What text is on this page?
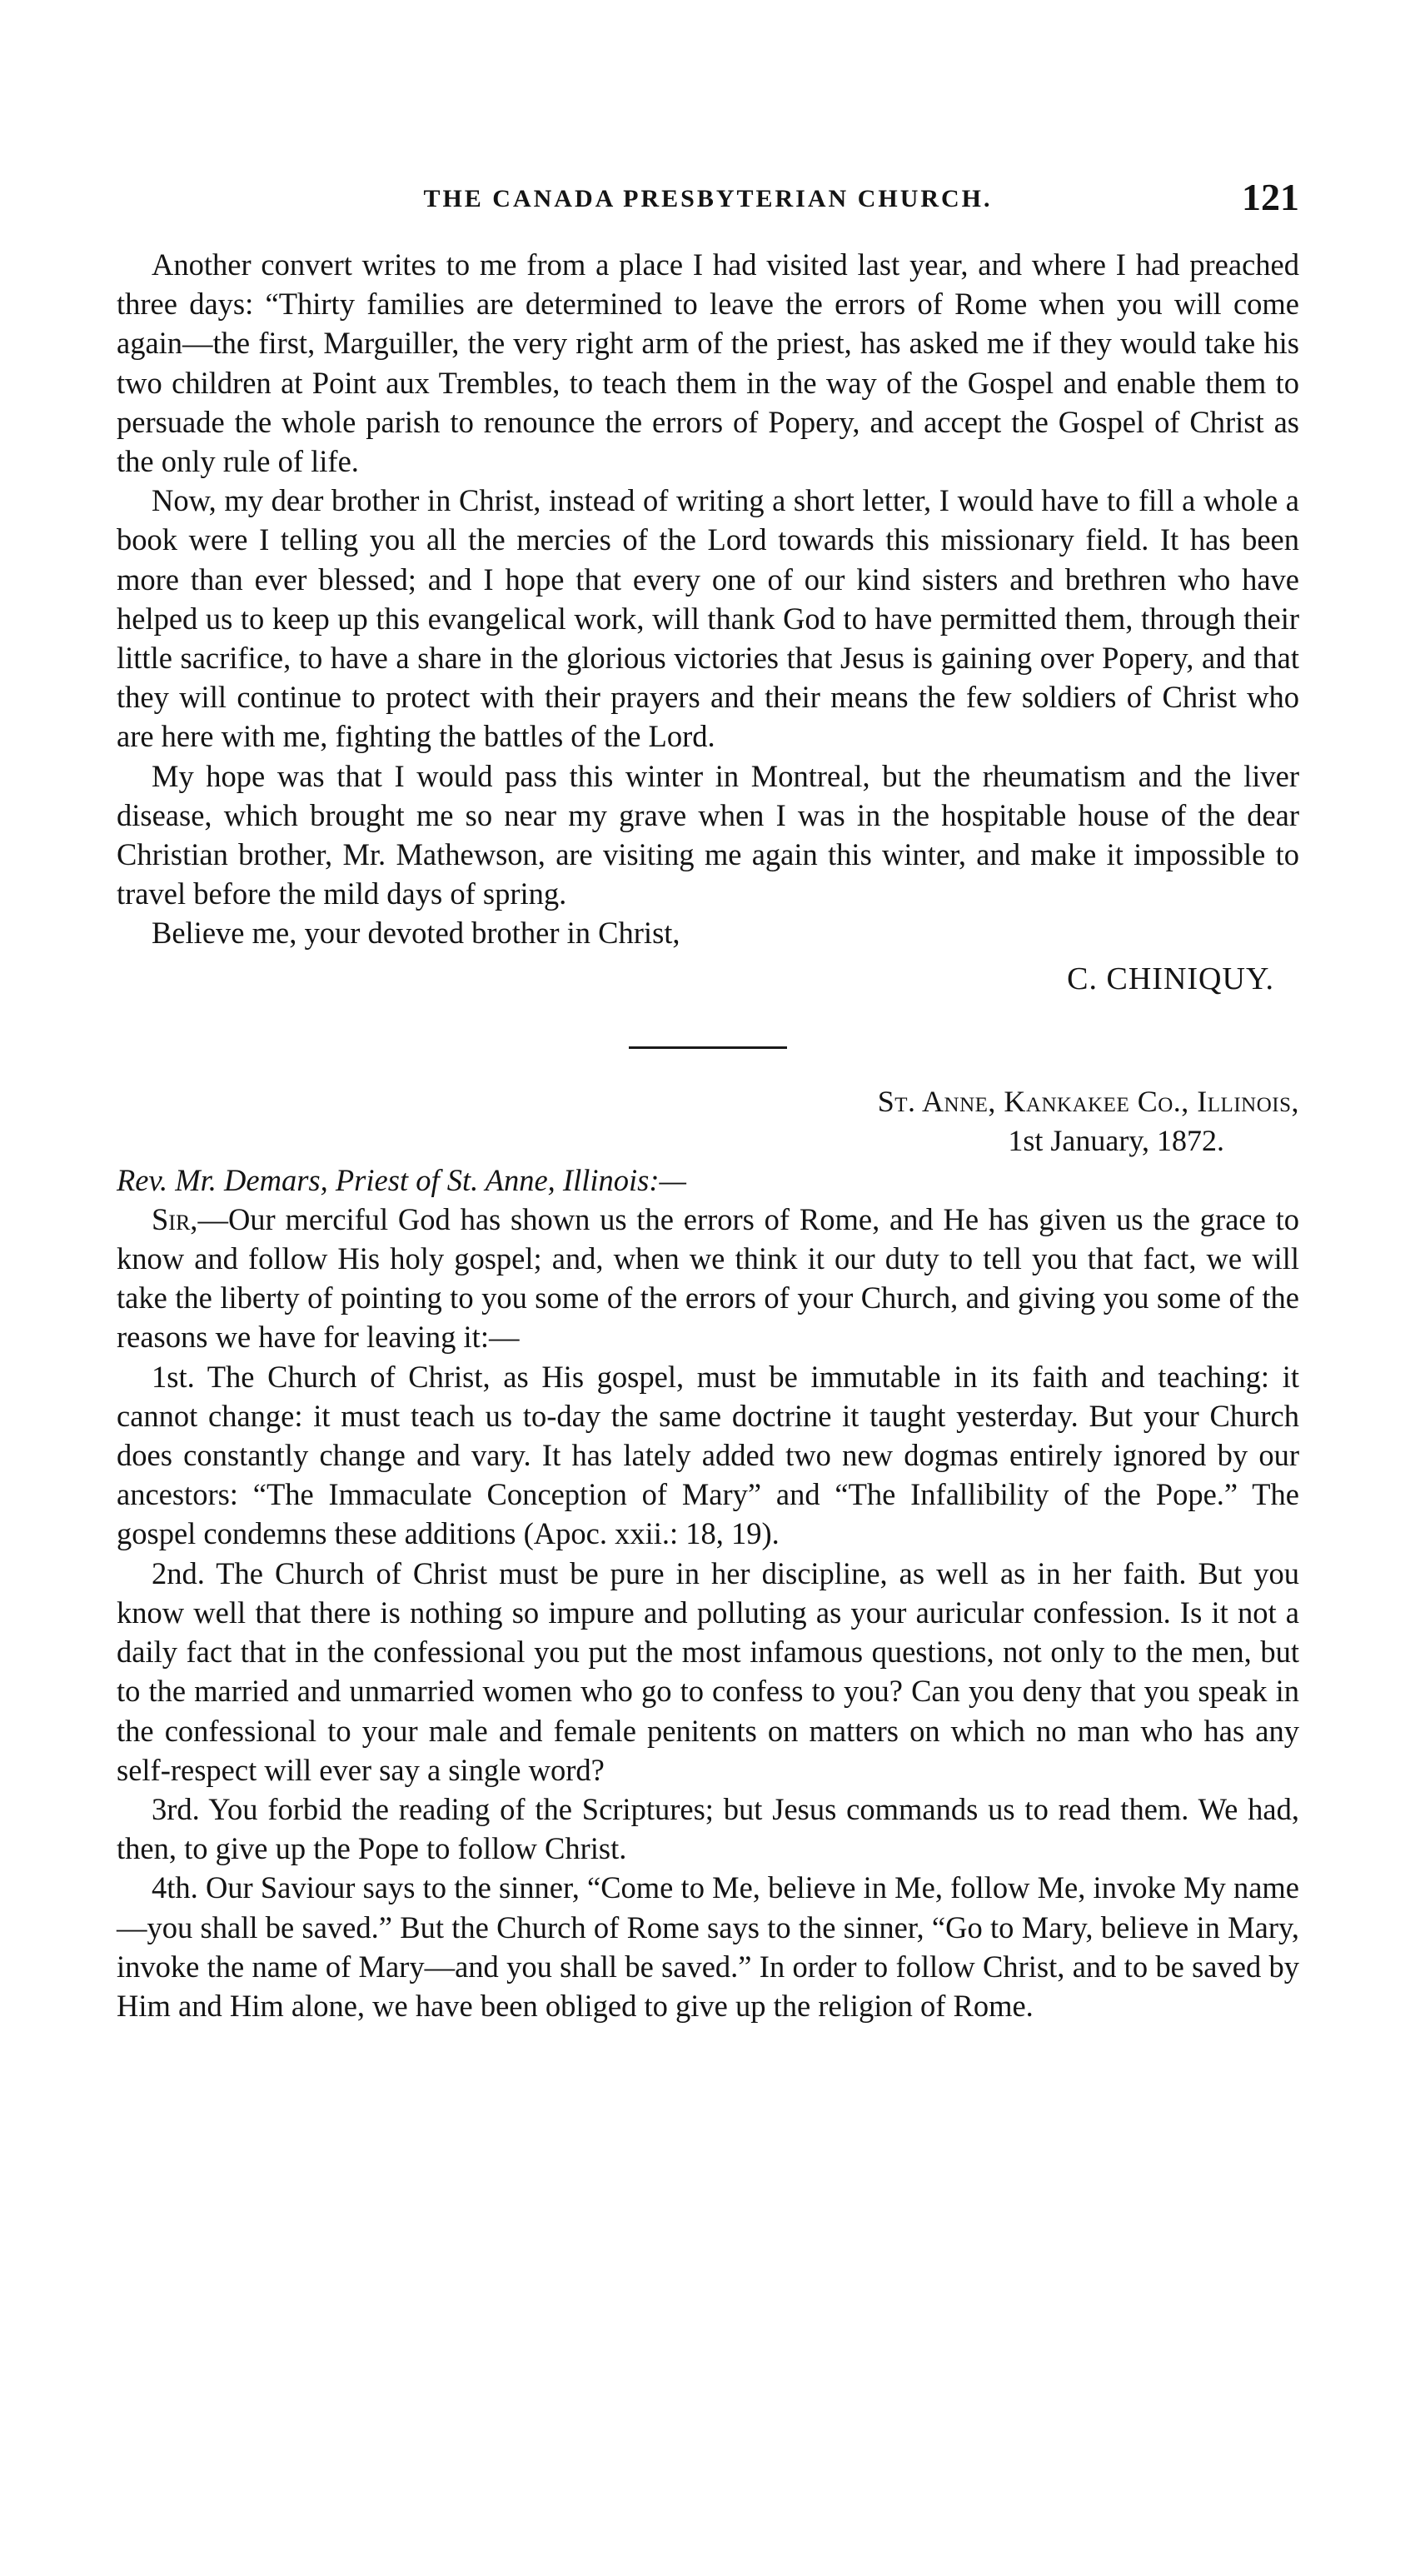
THE CANADA PRESBYTERIAN CHURCH.	121

Another convert writes to me from a place I had visited last year, and where I had preached three days: “Thirty families are determined to leave the errors of Rome when you will come again—the first, Marguiller, the very right arm of the priest, has asked me if they would take his two children at Point aux Trembles, to teach them in the way of the Gospel and enable them to persuade the whole parish to renounce the errors of Popery, and accept the Gospel of Christ as the only rule of life.

Now, my dear brother in Christ, instead of writing a short letter, I would have to fill a whole a book were I telling you all the mercies of the Lord towards this missionary field. It has been more than ever blessed; and I hope that every one of our kind sisters and brethren who have helped us to keep up this evangelical work, will thank God to have permitted them, through their little sacrifice, to have a share in the glorious victories that Jesus is gaining over Popery, and that they will continue to protect with their prayers and their means the few soldiers of Christ who are here with me, fighting the battles of the Lord.

My hope was that I would pass this winter in Montreal, but the rheumatism and the liver disease, which brought me so near my grave when I was in the hospitable house of the dear Christian brother, Mr. Mathewson, are visiting me again this winter, and make it impossible to travel before the mild days of spring.

Believe me, your devoted brother in Christ,

C. CHINIQUY.

St. Anne, Kankakee Co., Illinois,

1st January, 1872.

Rev. Mr. Demars, Priest of St. Anne, Illinois:—

Sir,—Our merciful God has shown us the errors of Rome, and He has given us the grace to know and follow His holy gospel; and, when we think it our duty to tell you that fact, we will take the liberty of pointing to you some of the errors of your Church, and giving you some of the reasons we have for leaving it:—

1st. The Church of Christ, as His gospel, must be immutable in its faith and teaching: it cannot change: it must teach us to-day the same doctrine it taught yesterday. But your Church does constantly change and vary. It has lately added two new dogmas entirely ignored by our ancestors: “The Immaculate Conception of Mary” and “The Infallibility of the Pope.” The gospel condemns these additions (Apoc. xxii.: 18, 19).

2nd. The Church of Christ must be pure in her discipline, as well as in her faith. But you know well that there is nothing so impure and polluting as your auricular confession. Is it not a daily fact that in the confessional you put the most infamous questions, not only to the men, but to the married and unmarried women who go to confess to you? Can you deny that you speak in the confessional to your male and female penitents on matters on which no man who has any self-respect will ever say a single word?

3rd. You forbid the reading of the Scriptures; but Jesus commands us to read them. We had, then, to give up the Pope to follow Christ.

4th. Our Saviour says to the sinner, “Come to Me, believe in Me, follow Me, invoke My name—you shall be saved.” But the Church of Rome says to the sinner, “Go to Mary, believe in Mary, invoke the name of Mary—and you shall be saved.” In order to follow Christ, and to be saved by Him and Him alone, we have been obliged to give up the religion of Rome.
